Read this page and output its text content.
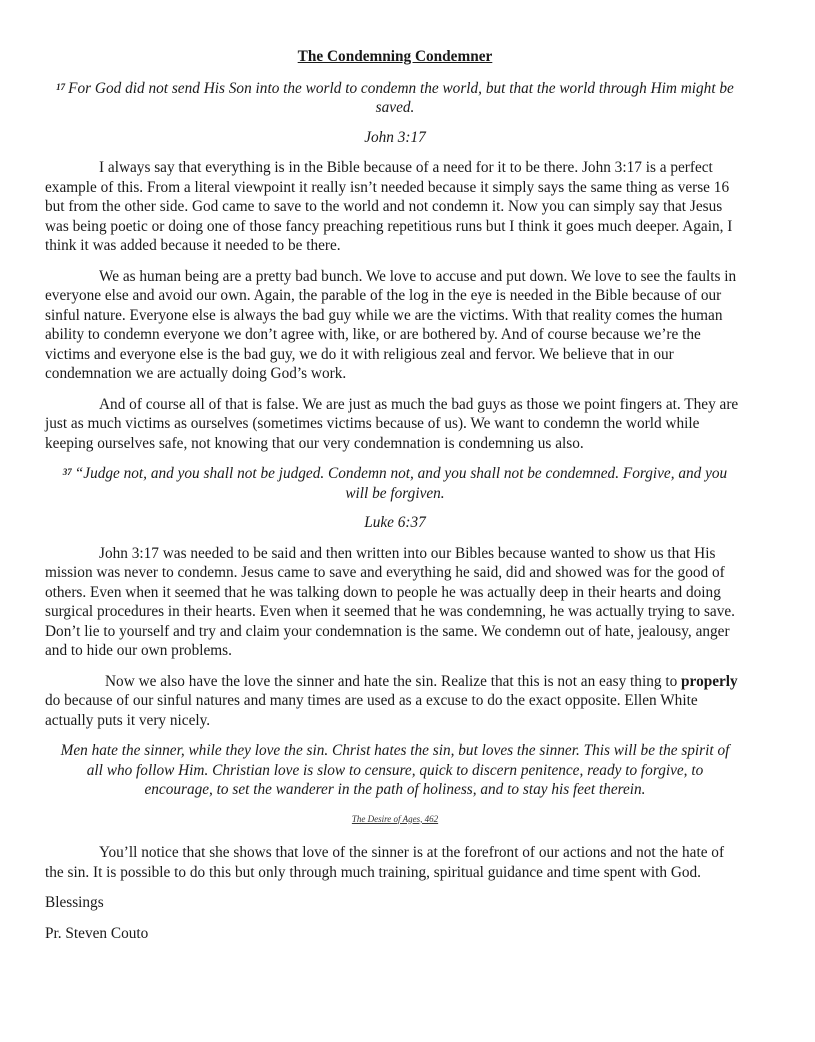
The Condemning Condemner
$^{17}$ For God did not send His Son into the world to condemn the world, but that the world through Him might be saved.
John 3:17

I always say that everything is in the Bible because of a need for it to be there. John 3:17 is a perfect example of this. From a literal viewpoint it really isn’t needed because it simply says the same thing as verse 16 but from the other side. God came to save to the world and not condemn it. Now you can simply say that Jesus was being poetic or doing one of those fancy preaching repetitious runs but I think it goes much deeper. Again, I think it was added because it needed to be there.

We as human being are a pretty bad bunch. We love to accuse and put down. We love to see the faults in everyone else and avoid our own. Again, the parable of the log in the eye is needed in the Bible because of our sinful nature. Everyone else is always the bad guy while we are the victims. With that reality comes the human ability to condemn everyone we don’t agree with, like, or are bothered by. And of course because we’re the victims and everyone else is the bad guy, we do it with religious zeal and fervor. We believe that in our condemnation we are actually doing God’s work.

And of course all of that is false. We are just as much the bad guys as those we point fingers at. They are just as much victims as ourselves (sometimes victims because of us). We want to condemn the world while keeping ourselves safe, not knowing that our very condemnation is condemning us also.

$^{37}$ “Judge not, and you shall not be judged. Condemn not, and you shall not be condemned. Forgive, and you will be forgiven.
Luke 6:37

John 3:17 was needed to be said and then written into our Bibles because wanted to show us that His mission was never to condemn. Jesus came to save and everything he said, did and showed was for the good of others. Even when it seemed that he was talking down to people he was actually deep in their hearts and doing surgical procedures in their hearts. Even when it seemed that he was condemning, he was actually trying to save. Don’t lie to yourself and try and claim your condemnation is the same. We condemn out of hate, jealousy, anger and to hide our own problems.

Now we also have the love the sinner and hate the sin. Realize that this is not an easy thing to properly do because of our sinful natures and many times are used as a excuse to do the exact opposite. Ellen White actually puts it very nicely.

Men hate the sinner, while they love the sin. Christ hates the sin, but loves the sinner. This will be the spirit of all who follow Him. Christian love is slow to censure, quick to discern penitence, ready to forgive, to encourage, to set the wanderer in the path of holiness, and to stay his feet therein.
The Desire of Ages, 462

You’ll notice that she shows that love of the sinner is at the forefront of our actions and not the hate of the sin. It is possible to do this but only through much training, spiritual guidance and time spent with God.

Blessings

Pr. Steven Couto
